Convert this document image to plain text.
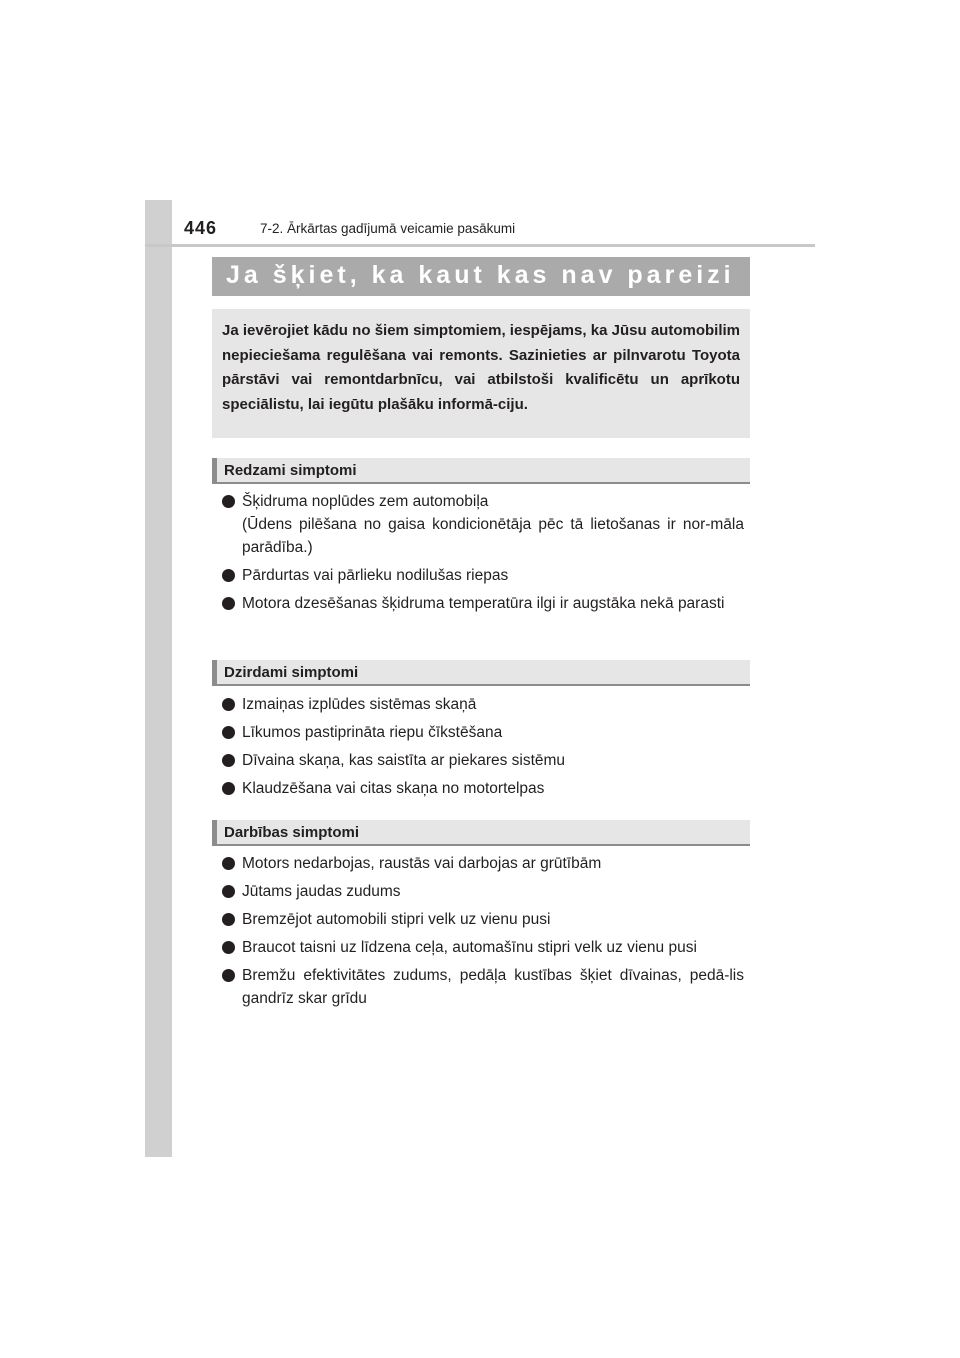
446	7-2. Ārkārtas gadījumā veicamie pasākumi
Ja šķiet, ka kaut kas nav pareizi

Ja ievērojiet kādu no šiem simptomiem, iespējams, ka Jūsu automobilim nepieciešama regulēšana vai remonts. Sazinieties ar pilnvarotu Toyota pārstāvi vai remontdarbnīcu, vai atbilstoši kvalificētu un aprīkotu speciālistu, lai iegūtu plašāku informā-ciju.

Redzami simptomi
Šķidruma noplūdes zem automobiļa
(Ūdens pilēšana no gaisa kondicionētāja pēc tā lietošanas ir nor-māla parādība.)
Pārdurtas vai pārlieku nodilušas riepas
Motora dzesēšanas šķidruma temperatūra ilgi ir augstāka nekā parasti
Dzirdami simptomi
Izmaiņas izplūdes sistēmas skaņā
Līkumos pastiprināta riepu čīkstēšana
Dīvaina skaņa, kas saistīta ar piekares sistēmu
Klaudzēšana vai citas skaņa no motortelpas
Darbības simptomi
Motors nedarbojas, raustās vai darbojas ar grūtībām
Jūtams jaudas zudums
Bremzējot automobili stipri velk uz vienu pusi
Braucot taisni uz līdzena ceļa, automašīnu stipri velk uz vienu pusi
Bremžu efektivitātes zudums, pedāļa kustības šķiet dīvainas, pedā-lis gandrīz skar grīdu
